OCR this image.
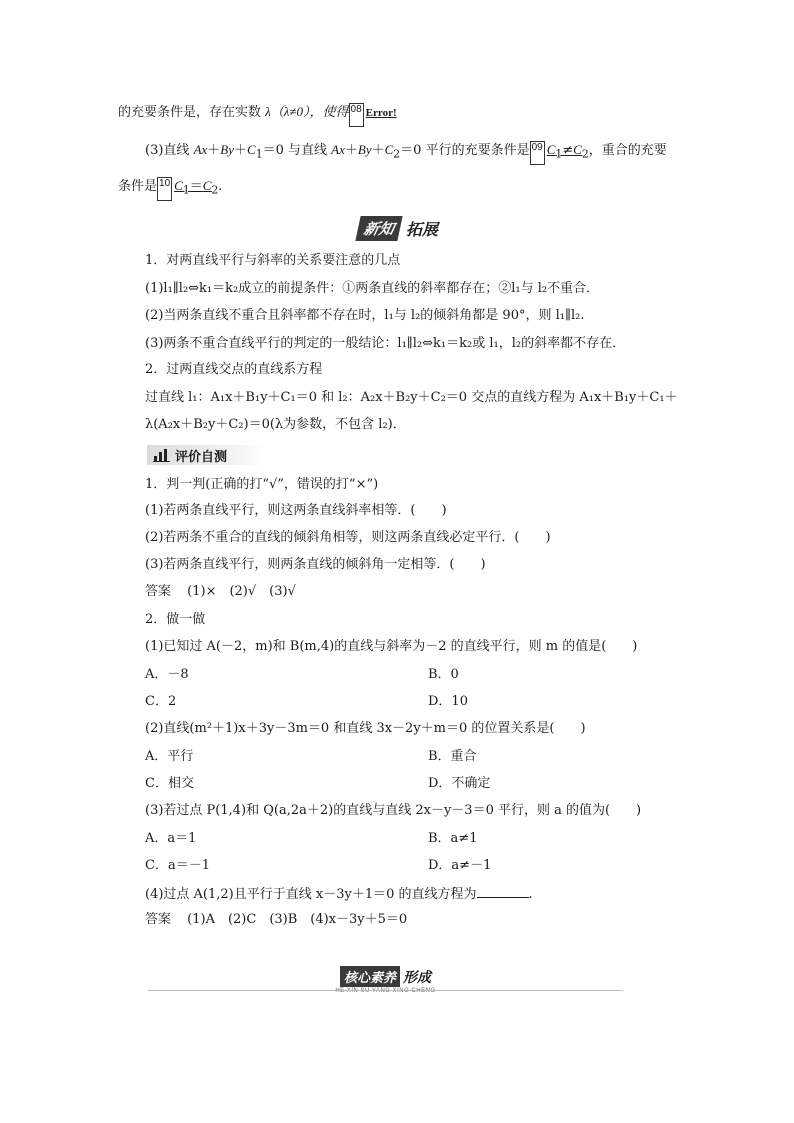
的充要条件是，存在实数 λ（λ≠0），使得 08 Error!
(3)直线 $Ax+By+C_1=0$ 与直线 $Ax+By+C_2=0$ 平行的充要条件是 09 $C_1\ne C_2$，重合的充要
条件是 10 $C_1=C_2$.
新知 拓展
1．对两直线平行与斜率的关系要注意的几点
(1)l₁∥l₂⇔k₁＝k₂成立的前提条件：①两条直线的斜率都存在；②l₁与 l₂不重合．
(2)当两条直线不重合且斜率都不存在时，l₁与 l₂的倾斜角都是 90°，则 l₁∥l₂.
(3)两条不重合直线平行的判定的一般结论：l₁∥l₂⇔k₁＝k₂或 l₁，l₂的斜率都不存在．
2．过两直线交点的直线系方程
过直线 l₁：A₁x＋B₁y＋C₁＝0 和 l₂：A₂x＋B₂y＋C₂＝0 交点的直线方程为 A₁x＋B₁y＋C₁＋
λ(A₂x＋B₂y＋C₂)＝0(λ为参数，不包含 l₂)．
评价自测
1．判一判(正确的打“√”，错误的打“×”)
(1)若两条直线平行，则这两条直线斜率相等．(　　)
(2)若两条不重合的直线的倾斜角相等，则这两条直线必定平行．(　　)
(3)若两条直线平行，则两条直线的倾斜角一定相等．(　　)
答案 (1)×　(2)√　(3)√
2．做一做
(1)已知过 A(－2，m)和 B(m,4)的直线与斜率为－2 的直线平行，则 m 的值是(　　)
A．－8	B．0
C．2	D．10
(2)直线(m²＋1)x＋3y－3m＝0 和直线 3x－2y＋m＝0 的位置关系是(　　)
A．平行	B．重合
C．相交	D．不确定
(3)若过点 P(1,4)和 Q(a,2a＋2)的直线与直线 2x－y－3＝0 平行，则 a 的值为(　　)
A．a＝1	B．a≠1
C．a＝－1	D．a≠－1
(4)过点 A(1,2)且平行于直线 x－3y＋1＝0 的直线方程为	.
答案 (1)A　(2)C　(3)B　(4)x－3y＋5＝0
核心素养 形成
HE XIN SU YANG XING CHENG
